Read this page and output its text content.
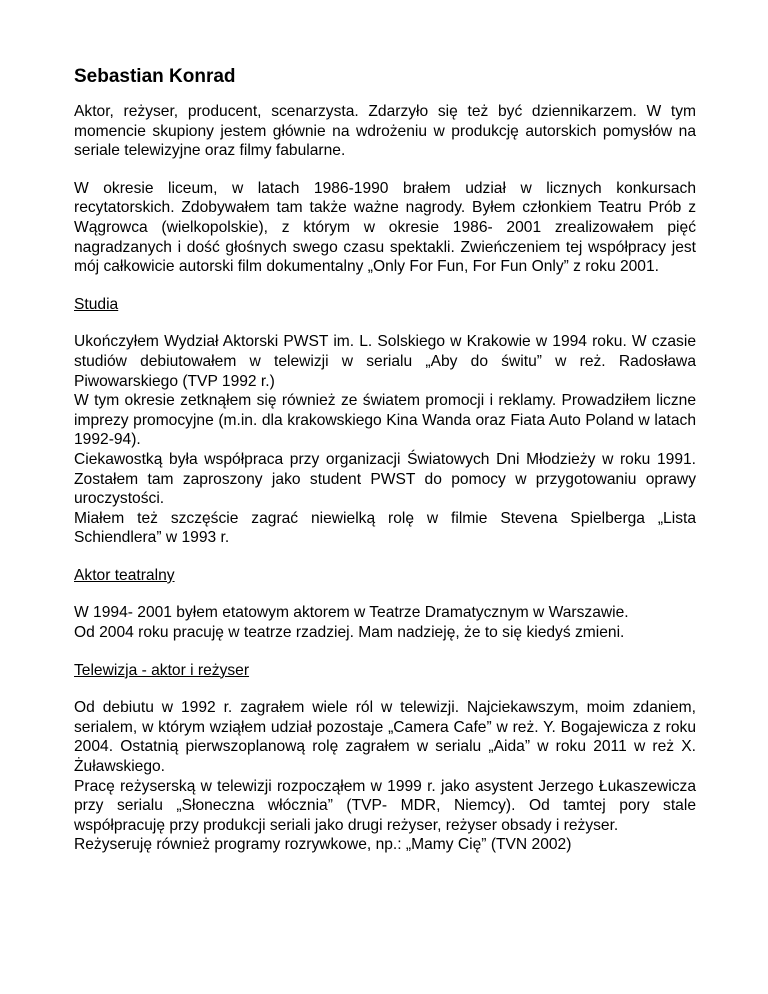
Sebastian Konrad

Aktor, reżyser, producent, scenarzysta. Zdarzyło się też być dziennikarzem. W tym momencie skupiony jestem głównie na wdrożeniu w produkcję autorskich pomysłów na seriale telewizyjne oraz filmy fabularne.

W okresie liceum, w latach 1986-1990 brałem udział w licznych konkursach recytatorskich. Zdobywałem tam także ważne nagrody. Byłem członkiem Teatru Prób z Wągrowca (wielkopolskie), z którym w okresie 1986- 2001 zrealizowałem pięć nagradzanych i dość głośnych swego czasu spektakli. Zwieńczeniem tej współpracy jest mój całkowicie autorski film dokumentalny „Only For Fun, For Fun Only” z roku 2001.

Studia

Ukończyłem Wydział Aktorski PWST im. L. Solskiego w Krakowie w 1994 roku. W czasie studiów debiutowałem w telewizji w serialu „Aby do świtu” w reż. Radosława Piwowarskiego (TVP 1992 r.)
W tym okresie zetknąłem się również ze światem promocji i reklamy. Prowadziłem liczne imprezy promocyjne (m.in. dla krakowskiego Kina Wanda oraz Fiata Auto Poland w latach 1992-94).
Ciekawostką była współpraca przy organizacji Światowych Dni Młodzieży w roku 1991. Zostałem tam zaproszony jako student PWST do pomocy w przygotowaniu oprawy uroczystości.
Miałem też szczęście zagrać niewielką rolę w filmie Stevena Spielberga „Lista Schiendlera” w 1993 r.

Aktor teatralny

W 1994- 2001 byłem etatowym aktorem w Teatrze Dramatycznym w Warszawie.
Od 2004 roku pracuję w teatrze rzadziej. Mam nadzieję, że to się kiedyś zmieni.

Telewizja - aktor i reżyser

Od debiutu w 1992 r. zagrałem wiele ról w telewizji. Najciekawszym, moim zdaniem, serialem, w którym wziąłem udział pozostaje „Camera Cafe” w reż. Y. Bogajewicza z roku 2004. Ostatnią pierwszoplanową rolę zagrałem w serialu „Aida” w roku 2011 w reż X. Żuławskiego.
Pracę reżyserską w telewizji rozpocząłem w 1999 r. jako asystent Jerzego Łukaszewicza przy serialu „Słoneczna włócznia” (TVP- MDR, Niemcy). Od tamtej pory stale współpracuję przy produkcji seriali jako drugi reżyser, reżyser obsady i reżyser.
Reżyseruję również programy rozrywkowe, np.: „Mamy Cię” (TVN 2002)
